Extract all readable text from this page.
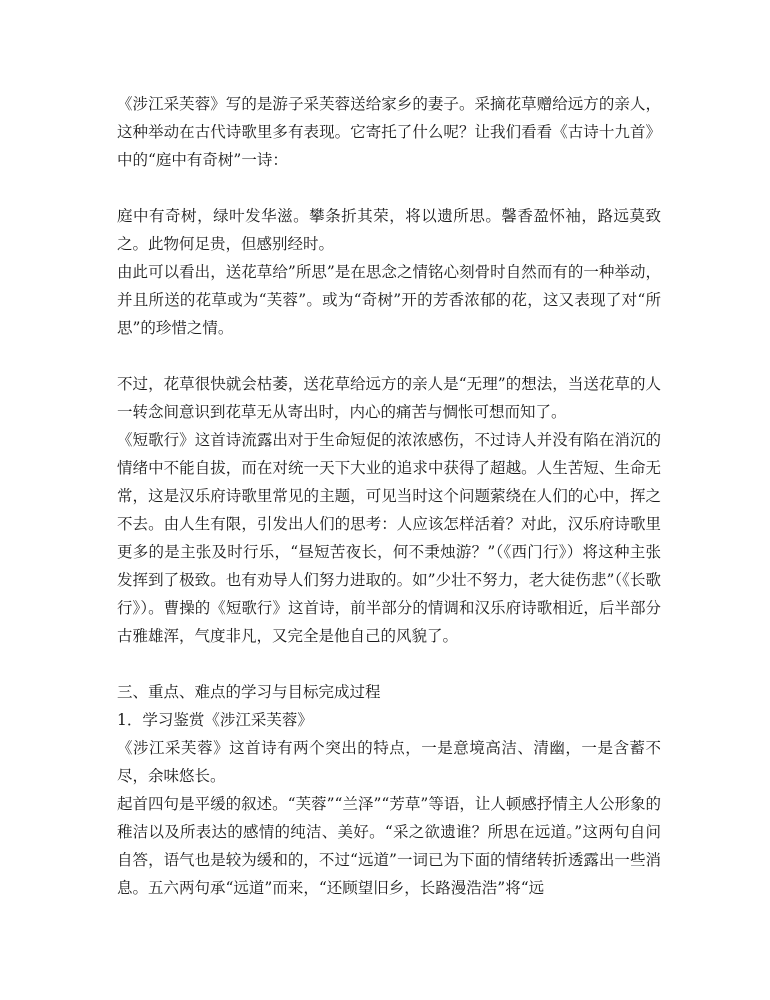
《涉江采芙蓉》写的是游子采芙蓉送给家乡的妻子。采摘花草赠给远方的亲人，这种举动在古代诗歌里多有表现。它寄托了什么呢？让我们看看《古诗十九首》中的“庭中有奇树”一诗：

庭中有奇树，绿叶发华滋。攀条折其荣，将以遗所思。馨香盈怀袖，路远莫致之。此物何足贵，但感别经时。

由此可以看出，送花草给”所思”是在思念之情铭心刻骨时自然而有的一种举动，并且所送的花草或为“芙蓉”。或为“奇树”开的芳香浓郁的花，这又表现了对“所思”的珍惜之情。

不过，花草很快就会枯萎，送花草给远方的亲人是“无理”的想法，当送花草的人一转念间意识到花草无从寄出时，内心的痛苦与惆怅可想而知了。

《短歌行》这首诗流露出对于生命短促的浓浓感伤，不过诗人并没有陷在消沉的情绪中不能自拔，而在对统一天下大业的追求中获得了超越。人生苦短、生命无常，这是汉乐府诗歌里常见的主题，可见当时这个问题萦绕在人们的心中，挥之不去。由人生有限，引发出人们的思考：人应该怎样活着？对此，汉乐府诗歌里更多的是主张及时行乐，“昼短苦夜长，何不秉烛游？”（《西门行》）将这种主张发挥到了极致。也有劝导人们努力进取的。如”少壮不努力，老大徒伤悲”（《长歌行》）。曹操的《短歌行》这首诗，前半部分的情调和汉乐府诗歌相近，后半部分古雅雄浑，气度非凡，又完全是他自己的风貌了。

三、重点、难点的学习与目标完成过程

1．学习鉴赏《涉江采芙蓉》

《涉江采芙蓉》这首诗有两个突出的特点，一是意境高洁、清幽，一是含蓄不尽，余味悠长。

起首四句是平缓的叙述。“芙蓉”“兰泽”“芳草”等语，让人顿感抒情主人公形象的稚洁以及所表达的感情的纯洁、美好。“采之欲遗谁？所思在远道。”这两句自问自答，语气也是较为缓和的，不过“远道”一词已为下面的情绪转折透露出一些消息。五六两句承“远道”而来，“还顾望旧乡，长路漫浩浩”将“远
